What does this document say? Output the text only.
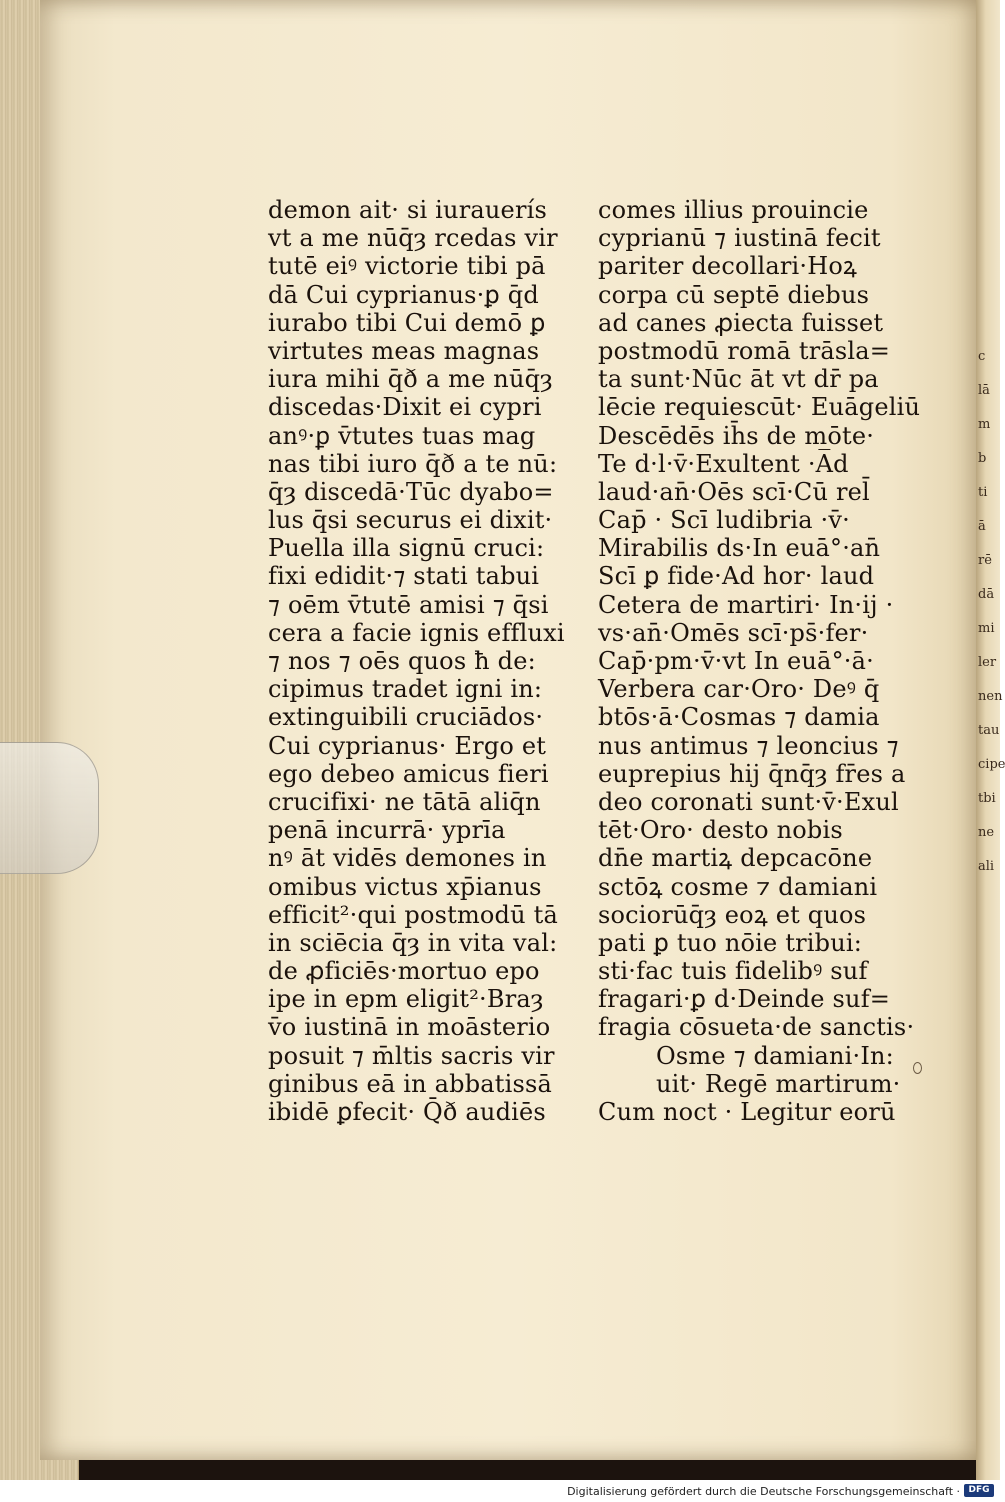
demon ait· si iurauerís
vt a me nūq̄ȝ rcedas vir
tutē eiꝰ victorie tibi pā
dā Cui cyprianus·ꝑ q̄d
iurabo tibi Cui demō ꝑ
virtutes meas magnas
iura mihi q̄ð a me nūq̄ȝ
discedas·Dixit ei cypri
anꝰ·ꝑ v̄tutes tuas mag
nas tibi iuro q̄ð a te nū:
q̄ȝ discedā·Tūc dyabo=
lus q̄si securus ei dixit·
Puella illa signū cruci:
fixi edidit·⁊ stati tabui
⁊ oēm v̄tutē amisi ⁊ q̄si
cera a facie ignis effluxi
⁊ nos ⁊ oēs quos ħ de:
cipimus tradet igni in:
extinguibili cruciādos·
Cui cyprianus· Ergo et
ego debeo amicus fieri
crucifixi· ne tātā aliq̄n
penā incurrā· yprīa
nꝰ āt vidēs demones in
omibus victus xp̄ianus
efficit²·qui postmodū tā
in sciēcia q̄ȝ in vita val:
de ꝓficiēs·mortuo epo
ipe in epm eligit²·Braȝ
v̄o iustinā in moāsterio
posuit ⁊ m̄ltis sacris vir
ginibus eā in abbatissā
ibidē ꝑfecit· Q̄ð audiēs
comes illius prouincie
cyprianū ⁊ iustinā fecit
pariter decollari·Hoꝝ
corpa cū septē diebus
ad canes ꝓiecta fuisset
postmodū romā trāsla=
ta sunt·Nūc āt vt dr̄ pa
lēcie requiescūt· Euāgeliū
Descēdēs ih̄s de mōte·
Te d·l·v̄·Exultent ·A̅d
laud·an̄·Oēs scī·Cū rel̄
Cap̄ · Scī ludibria ·v̄·
Mirabilis ds·In euā°·an̄
Scī ꝑ fide·Ad hor· laud
Cetera de martiri· In·ij ·
vs·an̄·Omēs scī·ps̄·fer·
Cap̄·pm·v̄·vt In euā°·ā·
Verbera car·Oro· Deꝰ q̄
btōs·ā·Cosmas ⁊ damia
nus antimus ⁊ leoncius ⁊
euprepius hij q̄nq̄ȝ fr̄es a
deo coronati sunt·v̄·Exul
tēt·Oro· desto nobis
dn̄e martiꝝ depcacōne
sctōꝝ cosme ⁊ damiani
sociorūq̄ȝ eoꝝ et quos
pati ꝑ tuo nōie tribui:
sti·fac tuis fidelibꝰ suf
fragari·ꝑ d·Deinde suf=
fragia cōsueta·de sanctis·
Osme ⁊ damiani·In:
uit· Regē martirum·
Cum noct · Legitur eorū
c
lā
m
b
ti
ā
rē
dā
mi
ler
nen
tau
cipe
tbi
ne
ali
Digitalisierung gefördert durch die Deutsche Forschungsgemeinschaft · DFG
